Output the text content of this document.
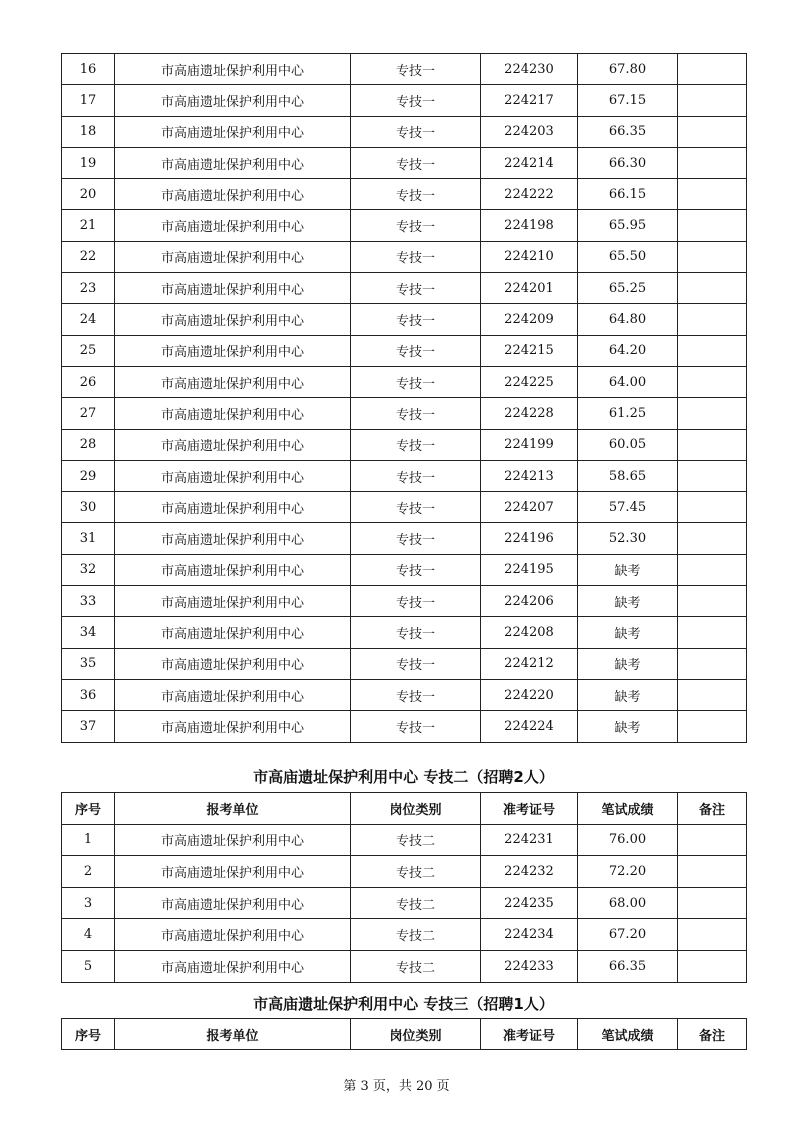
16	市高庙遗址保护利用中心	专技一	224230	67.80	
17	市高庙遗址保护利用中心	专技一	224217	67.15	
18	市高庙遗址保护利用中心	专技一	224203	66.35	
19	市高庙遗址保护利用中心	专技一	224214	66.30	
20	市高庙遗址保护利用中心	专技一	224222	66.15	
21	市高庙遗址保护利用中心	专技一	224198	65.95	
22	市高庙遗址保护利用中心	专技一	224210	65.50	
23	市高庙遗址保护利用中心	专技一	224201	65.25	
24	市高庙遗址保护利用中心	专技一	224209	64.80	
25	市高庙遗址保护利用中心	专技一	224215	64.20	
26	市高庙遗址保护利用中心	专技一	224225	64.00	
27	市高庙遗址保护利用中心	专技一	224228	61.25	
28	市高庙遗址保护利用中心	专技一	224199	60.05	
29	市高庙遗址保护利用中心	专技一	224213	58.65	
30	市高庙遗址保护利用中心	专技一	224207	57.45	
31	市高庙遗址保护利用中心	专技一	224196	52.30	
32	市高庙遗址保护利用中心	专技一	224195	缺考	
33	市高庙遗址保护利用中心	专技一	224206	缺考	
34	市高庙遗址保护利用中心	专技一	224208	缺考	
35	市高庙遗址保护利用中心	专技一	224212	缺考	
36	市高庙遗址保护利用中心	专技一	224220	缺考	
37	市高庙遗址保护利用中心	专技一	224224	缺考	
市高庙遗址保护利用中心 专技二（招聘2人）
序号	报考单位	岗位类别	准考证号	笔试成绩	备注
1	市高庙遗址保护利用中心	专技二	224231	76.00	
2	市高庙遗址保护利用中心	专技二	224232	72.20	
3	市高庙遗址保护利用中心	专技二	224235	68.00	
4	市高庙遗址保护利用中心	专技二	224234	67.20	
5	市高庙遗址保护利用中心	专技二	224233	66.35	
市高庙遗址保护利用中心 专技三（招聘1人）
序号	报考单位	岗位类别	准考证号	笔试成绩	备注
第 3 页，共 20 页
